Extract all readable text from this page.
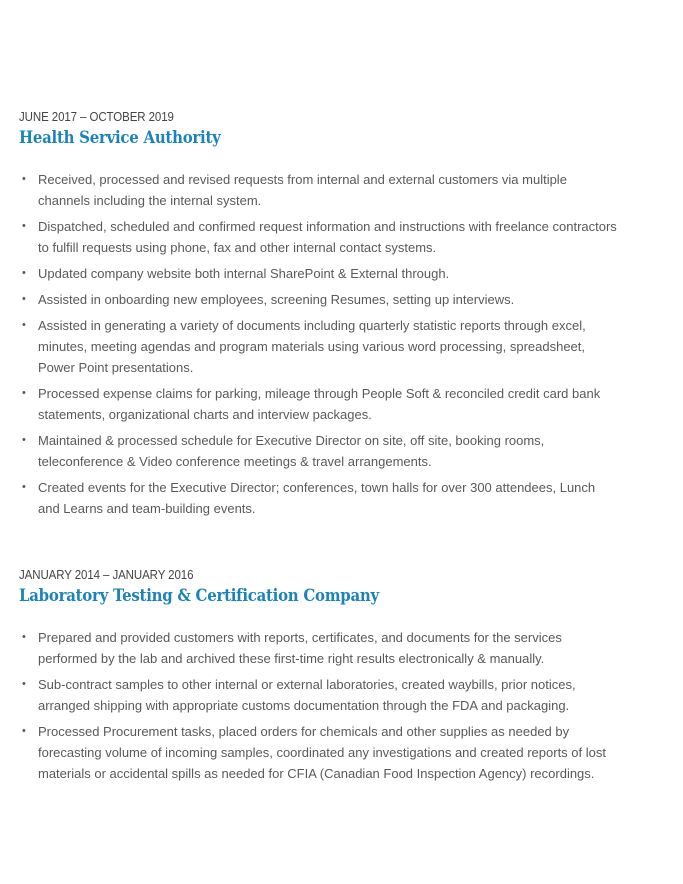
JUNE 2017 – OCTOBER 2019

Health Service Authority
• Received, processed and revised requests from internal and external customers via multiple channels including the internal system.
• Dispatched, scheduled and confirmed request information and instructions with freelance contractors to fulfill requests using phone, fax and other internal contact systems.
• Updated company website both internal SharePoint & External through.
• Assisted in onboarding new employees, screening Resumes, setting up interviews.
• Assisted in generating a variety of documents including quarterly statistic reports through excel, minutes, meeting agendas and program materials using various word processing, spreadsheet, Power Point presentations.
• Processed expense claims for parking, mileage through People Soft & reconciled credit card bank statements, organizational charts and interview packages.
• Maintained & processed schedule for Executive Director on site, off site, booking rooms, teleconference & Video conference meetings & travel arrangements.
• Created events for the Executive Director; conferences, town halls for over 300 attendees, Lunch and Learns and team-building events.

JANUARY 2014 – JANUARY 2016

Laboratory Testing & Certification Company
• Prepared and provided customers with reports, certificates, and documents for the services performed by the lab and archived these first-time right results electronically & manually.
• Sub-contract samples to other internal or external laboratories, created waybills, prior notices, arranged shipping with appropriate customs documentation through the FDA and packaging.
• Processed Procurement tasks, placed orders for chemicals and other supplies as needed by forecasting volume of incoming samples, coordinated any investigations and created reports of lost materials or accidental spills as needed for CFIA (Canadian Food Inspection Agency) recordings.
